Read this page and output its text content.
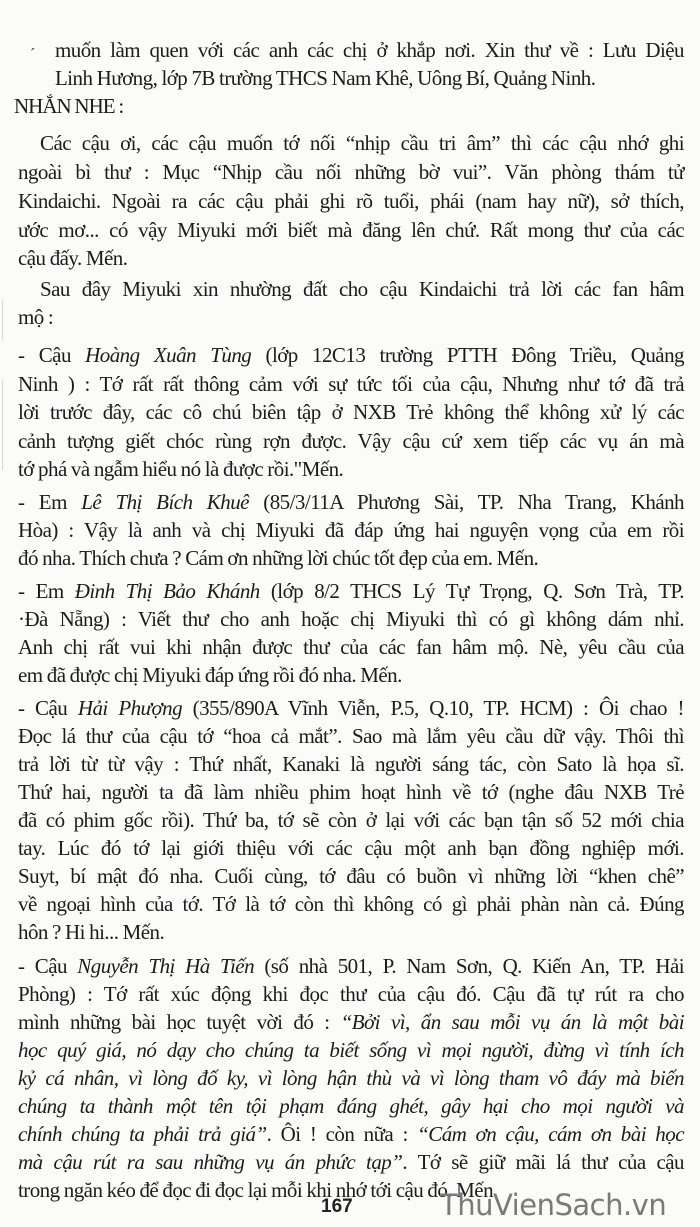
´ muốn làm quen với các anh các chị ở khắp nơi. Xin thư về : Lưu Diệu
Linh Hương, lớp 7B trường THCS Nam Khê, Uông Bí, Quảng Ninh.
NHẮN NHE :
Các cậu ơi, các cậu muốn tớ nối “nhịp cầu tri âm” thì các cậu nhớ ghi
ngoài bì thư : Mục “Nhịp cầu nối những bờ vui”. Văn phòng thám tử
Kindaichi. Ngoài ra các cậu phải ghi rõ tuổi, phái (nam hay nữ), sở thích,
ước mơ... có vậy Miyuki mới biết mà đăng lên chứ. Rất mong thư của các
cậu đấy. Mến.
Sau đây Miyuki xin nhường đất cho cậu Kindaichi trả lời các fan hâm
mộ :
- Cậu Hoàng Xuân Tùng (lớp 12C13 trường PTTH Đông Triều, Quảng
Ninh ) : Tớ rất rất thông cảm với sự tức tối của cậu, Nhưng như tớ đã trả
lời trước đây, các cô chú biên tập ở NXB Trẻ không thể không xử lý các
cảnh tượng giết chóc rùng rợn được. Vậy cậu cứ xem tiếp các vụ án mà
tớ phá và ngẫm hiểu nó là được rồi."Mến.
- Em Lê Thị Bích Khuê (85/3/11A Phương Sài, TP. Nha Trang, Khánh
Hòa) : Vậy là anh và chị Miyuki đã đáp ứng hai nguyện vọng của em rồi
đó nha. Thích chưa ? Cám ơn những lời chúc tốt đẹp của em. Mến.
- Em Đinh Thị Bảo Khánh (lớp 8/2 THCS Lý Tự Trọng, Q. Sơn Trà, TP.
·Đà Nẵng) : Viết thư cho anh hoặc chị Miyuki thì có gì không dám nhỉ.
Anh chị rất vui khi nhận được thư của các fan hâm mộ. Nè, yêu cầu của
em đã được chị Miyuki đáp ứng rồi đó nha. Mến.
- Cậu Hải Phượng (355/890A Vĩnh Viễn, P.5, Q.10, TP. HCM) : Ôi chao !
Đọc lá thư của cậu tớ “hoa cả mắt”. Sao mà lắm yêu cầu dữ vậy. Thôi thì
trả lời từ từ vậy : Thứ nhất, Kanaki là người sáng tác, còn Sato là họa sĩ.
Thứ hai, người ta đã làm nhiều phim hoạt hình về tớ (nghe đâu NXB Trẻ
đã có phim gốc rồi). Thứ ba, tớ sẽ còn ở lại với các bạn tận số 52 mới chia
tay. Lúc đó tớ lại giới thiệu với các cậu một anh bạn đồng nghiệp mới.
Suyt, bí mật đó nha. Cuối cùng, tớ đâu có buồn vì những lời “khen chê”
về ngoại hình của tớ. Tớ là tớ còn thì không có gì phải phàn nàn cả. Đúng
hôn ? Hi hi... Mến.
- Cậu Nguyễn Thị Hà Tiến (số nhà 501, P. Nam Sơn, Q. Kiến An, TP. Hải
Phòng) : Tớ rất xúc động khi đọc thư của cậu đó. Cậu đã tự rút ra cho
mình những bài học tuyệt vời đó : “Bởi vì, ẩn sau mỗi vụ án là một bài
học quý giá, nó dạy cho chúng ta biết sống vì mọi người, đừng vì tính ích
kỷ cá nhân, vì lòng đố ky, vì lòng hận thù và vì lòng tham vô đáy mà biến
chúng ta thành một tên tội phạm đáng ghét, gây hại cho mọi người và
chính chúng ta phải trả giá”. Ôi ! còn nữa : “Cám ơn cậu, cám ơn bài học
mà cậu rút ra sau những vụ án phức tạp”. Tớ sẽ giữ mãi lá thư của cậu
trong ngăn kéo để đọc đi đọc lại mỗi khi nhớ tới cậu đó. Mến.
167	ThuVienSach.vn
